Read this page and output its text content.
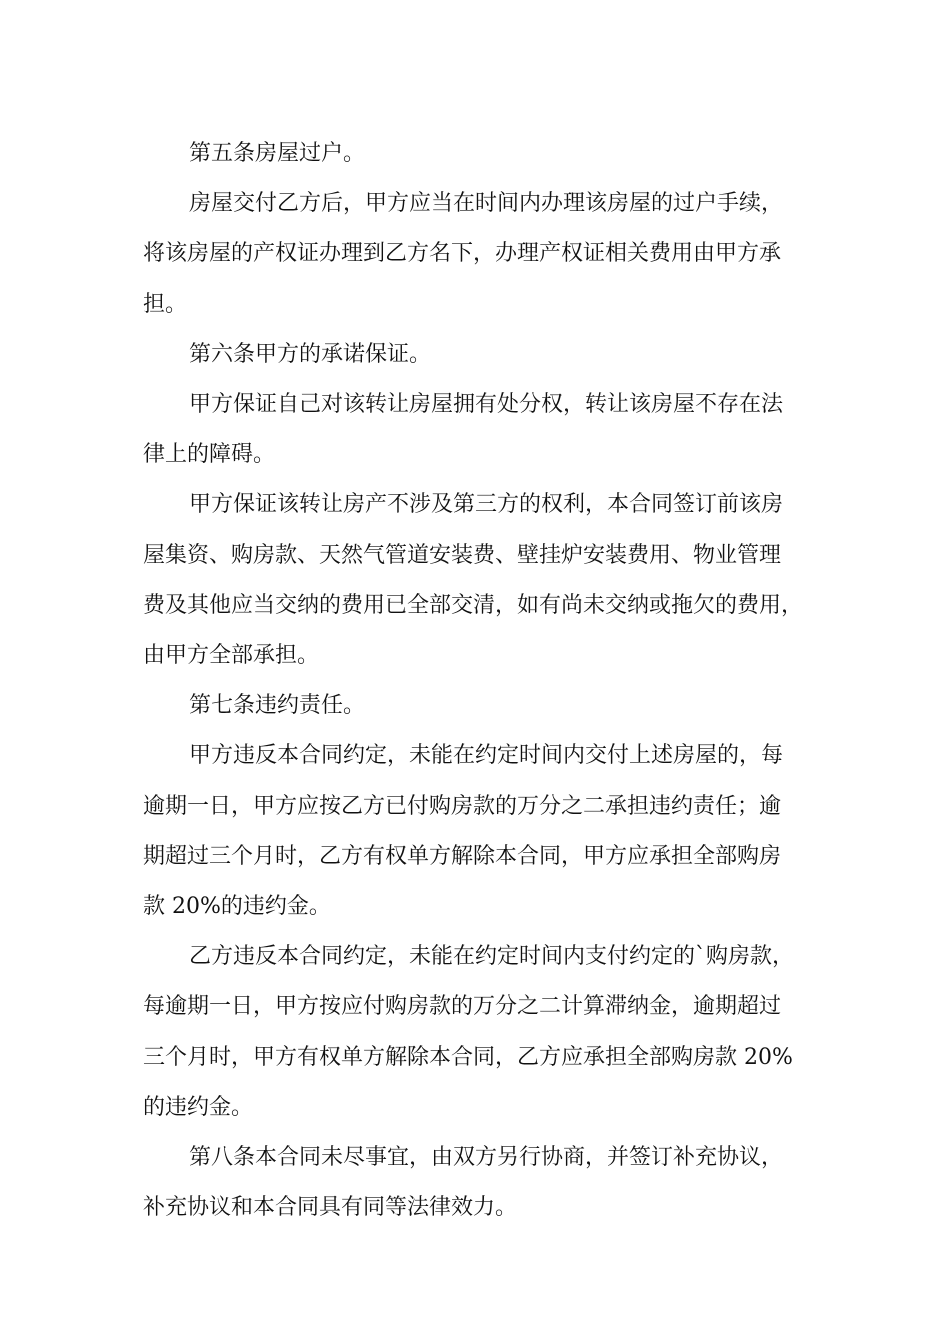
第五条房屋过户。
房屋交付乙方后，甲方应当在时间内办理该房屋的过户手续，
将该房屋的产权证办理到乙方名下，办理产权证相关费用由甲方承
担。
第六条甲方的承诺保证。
甲方保证自己对该转让房屋拥有处分权，转让该房屋不存在法
律上的障碍。
甲方保证该转让房产不涉及第三方的权利，本合同签订前该房
屋集资、购房款、天然气管道安装费、壁挂炉安装费用、物业管理
费及其他应当交纳的费用已全部交清，如有尚未交纳或拖欠的费用，
由甲方全部承担。
第七条违约责任。
甲方违反本合同约定，未能在约定时间内交付上述房屋的，每
逾期一日，甲方应按乙方已付购房款的万分之二承担违约责任；逾
期超过三个月时，乙方有权单方解除本合同，甲方应承担全部购房
款 20%的违约金。
乙方违反本合同约定，未能在约定时间内支付约定的`购房款，
每逾期一日，甲方按应付购房款的万分之二计算滞纳金，逾期超过
三个月时，甲方有权单方解除本合同，乙方应承担全部购房款 20%
的违约金。
第八条本合同未尽事宜，由双方另行协商，并签订补充协议，
补充协议和本合同具有同等法律效力。
